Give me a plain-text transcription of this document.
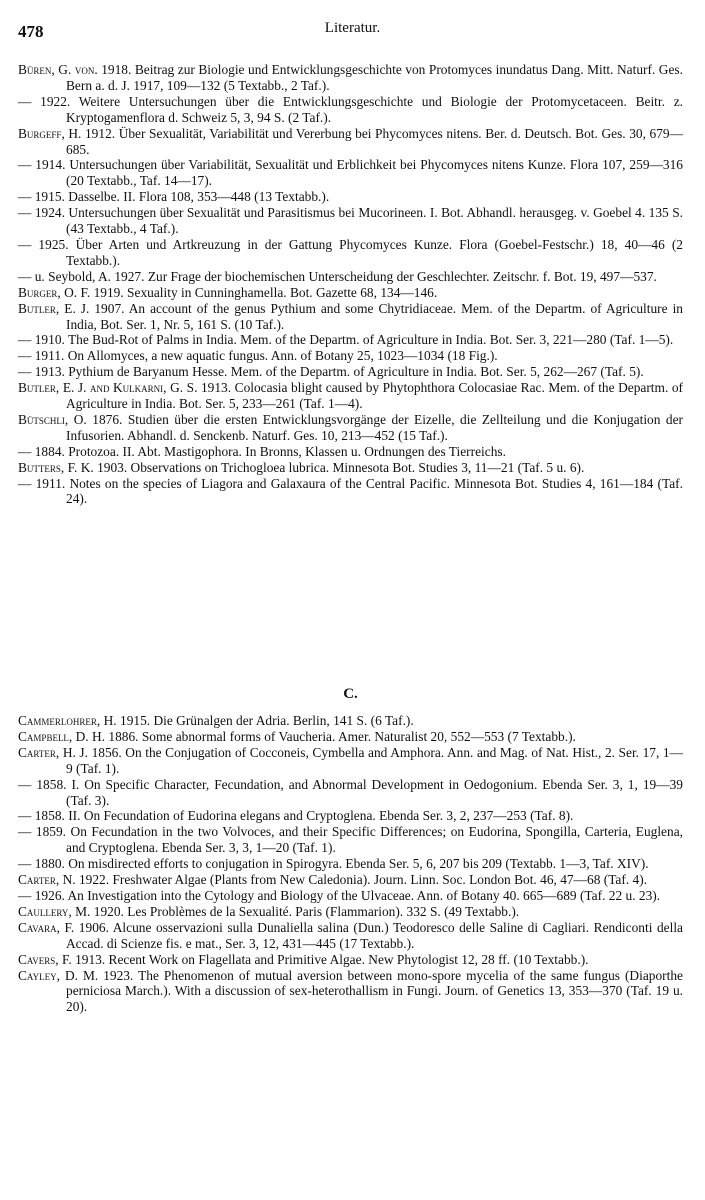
478	Literatur.

Büren, G. von. 1918. Beitrag zur Biologie und Entwicklungsgeschichte von Protomyces inundatus Dang. Mitt. Naturf. Ges. Bern a. d. J. 1917, 109—132 (5 Textabb., 2 Taf.).

— 1922. Weitere Untersuchungen über die Entwicklungsgeschichte und Biologie der Protomycetaceen. Beitr. z. Kryptogamenflora d. Schweiz 5, 3, 94 S. (2 Taf.).

Burgeff, H. 1912. Über Sexualität, Variabilität und Vererbung bei Phycomyces nitens. Ber. d. Deutsch. Bot. Ges. 30, 679—685.

— 1914. Untersuchungen über Variabilität, Sexualität und Erblichkeit bei Phycomyces nitens Kunze. Flora 107, 259—316 (20 Textabb., Taf. 14—17).

— 1915. Dasselbe. II. Flora 108, 353—448 (13 Textabb.).

— 1924. Untersuchungen über Sexualität und Parasitismus bei Mucorineen. I. Bot. Abhandl. herausgeg. v. Goebel 4. 135 S. (43 Textabb., 4 Taf.).

— 1925. Über Arten und Artkreuzung in der Gattung Phycomyces Kunze. Flora (Goebel-Festschr.) 18, 40—46 (2 Textabb.).

— u. Seybold, A. 1927. Zur Frage der biochemischen Unterscheidung der Geschlechter. Zeitschr. f. Bot. 19, 497—537.

Burger, O. F. 1919. Sexuality in Cunninghamella. Bot. Gazette 68, 134—146.

Butler, E. J. 1907. An account of the genus Pythium and some Chytridiaceae. Mem. of the Departm. of Agriculture in India, Bot. Ser. 1, Nr. 5, 161 S. (10 Taf.).

— 1910. The Bud-Rot of Palms in India. Mem. of the Departm. of Agriculture in India. Bot. Ser. 3, 221—280 (Taf. 1—5).

— 1911. On Allomyces, a new aquatic fungus. Ann. of Botany 25, 1023—1034 (18 Fig.).

— 1913. Pythium de Baryanum Hesse. Mem. of the Departm. of Agriculture in India. Bot. Ser. 5, 262—267 (Taf. 5).

Butler, E. J. and Kulkarni, G. S. 1913. Colocasia blight caused by Phytophthora Colocasiae Rac. Mem. of the Departm. of Agriculture in India. Bot. Ser. 5, 233—261 (Taf. 1—4).

Bütschli, O. 1876. Studien über die ersten Entwicklungsvorgänge der Eizelle, die Zellteilung und die Konjugation der Infusorien. Abhandl. d. Senckenb. Naturf. Ges. 10, 213—452 (15 Taf.).

— 1884. Protozoa. II. Abt. Mastigophora. In Bronns, Klassen u. Ordnungen des Tierreichs.

Butters, F. K. 1903. Observations on Trichogloea lubrica. Minnesota Bot. Studies 3, 11—21 (Taf. 5 u. 6).

— 1911. Notes on the species of Liagora and Galaxaura of the Central Pacific. Minnesota Bot. Studies 4, 161—184 (Taf. 24).

C.

Cammerlohrer, H. 1915. Die Grünalgen der Adria. Berlin, 141 S. (6 Taf.).

Campbell, D. H. 1886. Some abnormal forms of Vaucheria. Amer. Naturalist 20, 552—553 (7 Textabb.).

Carter, H. J. 1856. On the Conjugation of Cocconeis, Cymbella and Amphora. Ann. and Mag. of Nat. Hist., 2. Ser. 17, 1—9 (Taf. 1).

— 1858. I. On Specific Character, Fecundation, and Abnormal Development in Oedogonium. Ebenda Ser. 3, 1, 19—39 (Taf. 3).

— 1858. II. On Fecundation of Eudorina elegans and Cryptoglena. Ebenda Ser. 3, 2, 237—253 (Taf. 8).

— 1859. On Fecundation in the two Volvoces, and their Specific Differences; on Eudorina, Spongilla, Carteria, Euglena, and Cryptoglena. Ebenda Ser. 3, 3, 1—20 (Taf. 1).

— 1880. On misdirected efforts to conjugation in Spirogyra. Ebenda Ser. 5, 6, 207 bis 209 (Textabb. 1—3, Taf. XIV).

Carter, N. 1922. Freshwater Algae (Plants from New Caledonia). Journ. Linn. Soc. London Bot. 46, 47—68 (Taf. 4).

— 1926. An Investigation into the Cytology and Biology of the Ulvaceae. Ann. of Botany 40. 665—689 (Taf. 22 u. 23).

Caullery, M. 1920. Les Problèmes de la Sexualité. Paris (Flammarion). 332 S. (49 Textabb.).

Cavara, F. 1906. Alcune osservazioni sulla Dunaliella salina (Dun.) Teodoresco delle Saline di Cagliari. Rendiconti della Accad. di Scienze fis. e mat., Ser. 3, 12, 431—445 (17 Textabb.).

Cavers, F. 1913. Recent Work on Flagellata and Primitive Algae. New Phytologist 12, 28 ff. (10 Textabb.).

Cayley, D. M. 1923. The Phenomenon of mutual aversion between mono-spore mycelia of the same fungus (Diaporthe perniciosa March.). With a discussion of sex-heterothallism in Fungi. Journ. of Genetics 13, 353—370 (Taf. 19 u. 20).
